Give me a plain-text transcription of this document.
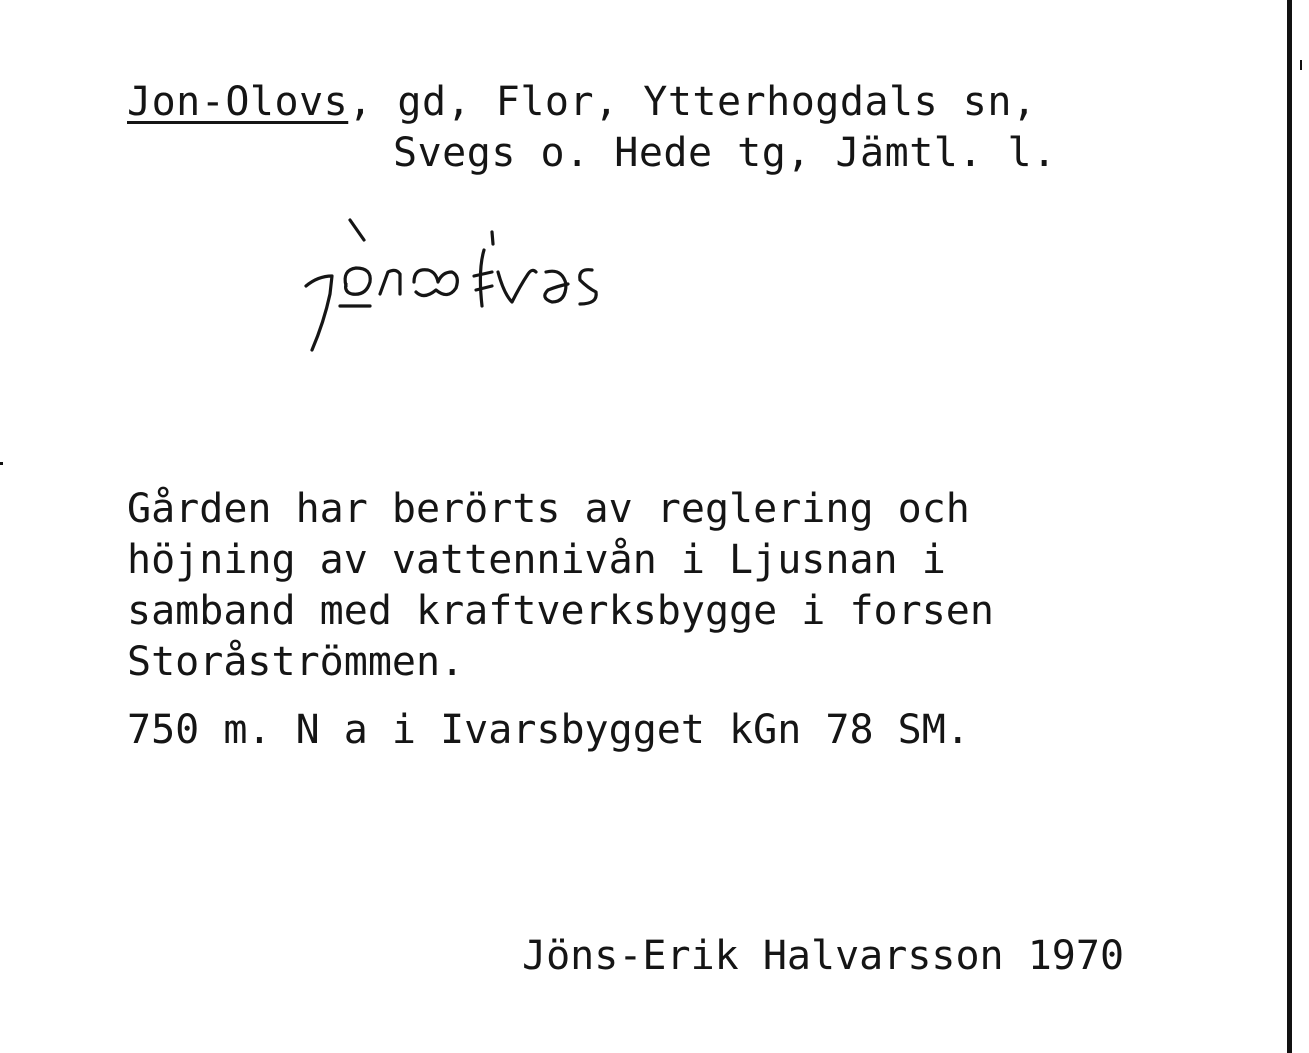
Jon-Olovs, gd, Flor, Ytterhogdals sn,
Svegs o. Hede tg, Jämtl. l.
Gården har berörts av reglering och
höjning av vattennivån i Ljusnan i
samband med kraftverksbygge i forsen
Storåströmmen.
750 m. N a i Ivarsbygget kGn 78 SM.
Jöns-Erik Halvarsson 1970
